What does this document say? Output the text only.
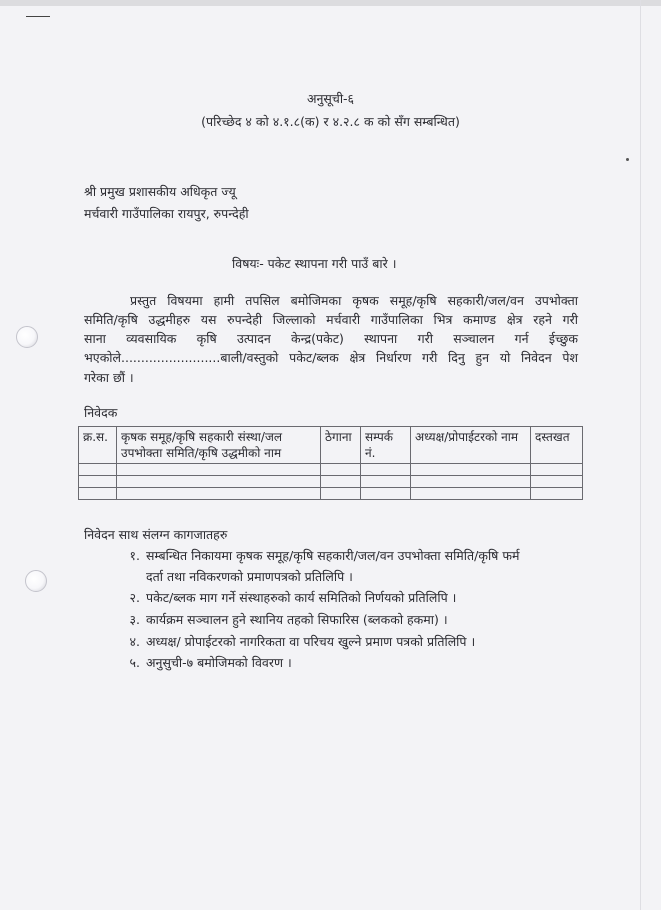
अनुसूची-६
(परिच्छेद ४ को ४.१.८(क) र ४.२.८ क को सँग सम्बन्धित)
श्री प्रमुख प्रशासकीय अधिकृत ज्यू
मर्चवारी गाउँपालिका रायपुर, रुपन्देही
विषयः- पकेट स्थापना गरी पाउँ बारे ।
प्रस्तुत विषयमा हामी तपसिल बमोजिमका कृषक समूह/कृषि सहकारी/जल/वन उपभोक्ता
समिति/कृषि उद्धमीहरु यस रुपन्देही जिल्लाको मर्चवारी गाउँपालिका भित्र कमाण्ड क्षेत्र रहने गरी
साना व्यवसायिक कृषि उत्पादन केन्द्र(पकेट) स्थापना गरी सञ्चालन गर्न ईच्छुक
भएकोले.........................बाली/वस्तुको पकेट/ब्लक क्षेत्र निर्धारण गरी दिनु हुन यो निवेदन पेश
गरेका छौं ।
निवेदक
क्र.स.	कृषक समूह/कृषि सहकारी संस्था/जल उपभोक्ता समिति/कृषि उद्धमीको नाम	ठेगाना	सम्पर्क नं.	अध्यक्ष/प्रोपाईटरको नाम	दस्तखत

निवेदन साथ संलग्न कागजातहरु
१. सम्बन्धित निकायमा कृषक समूह/कृषि सहकारी/जल/वन उपभोक्ता समिति/कृषि फर्म
दर्ता तथा नविकरणको प्रमाणपत्रको प्रतिलिपि ।
२. पकेट/ब्लक माग गर्ने संस्थाहरुको कार्य समितिको निर्णयको प्रतिलिपि ।
३. कार्यक्रम सञ्चालन हुने स्थानिय तहको सिफारिस (ब्लकको हकमा) ।
४. अध्यक्ष/ प्रोपाईटरको नागरिकता वा परिचय खुल्ने प्रमाण पत्रको प्रतिलिपि ।
५. अनुसुची-७ बमोजिमको विवरण ।
